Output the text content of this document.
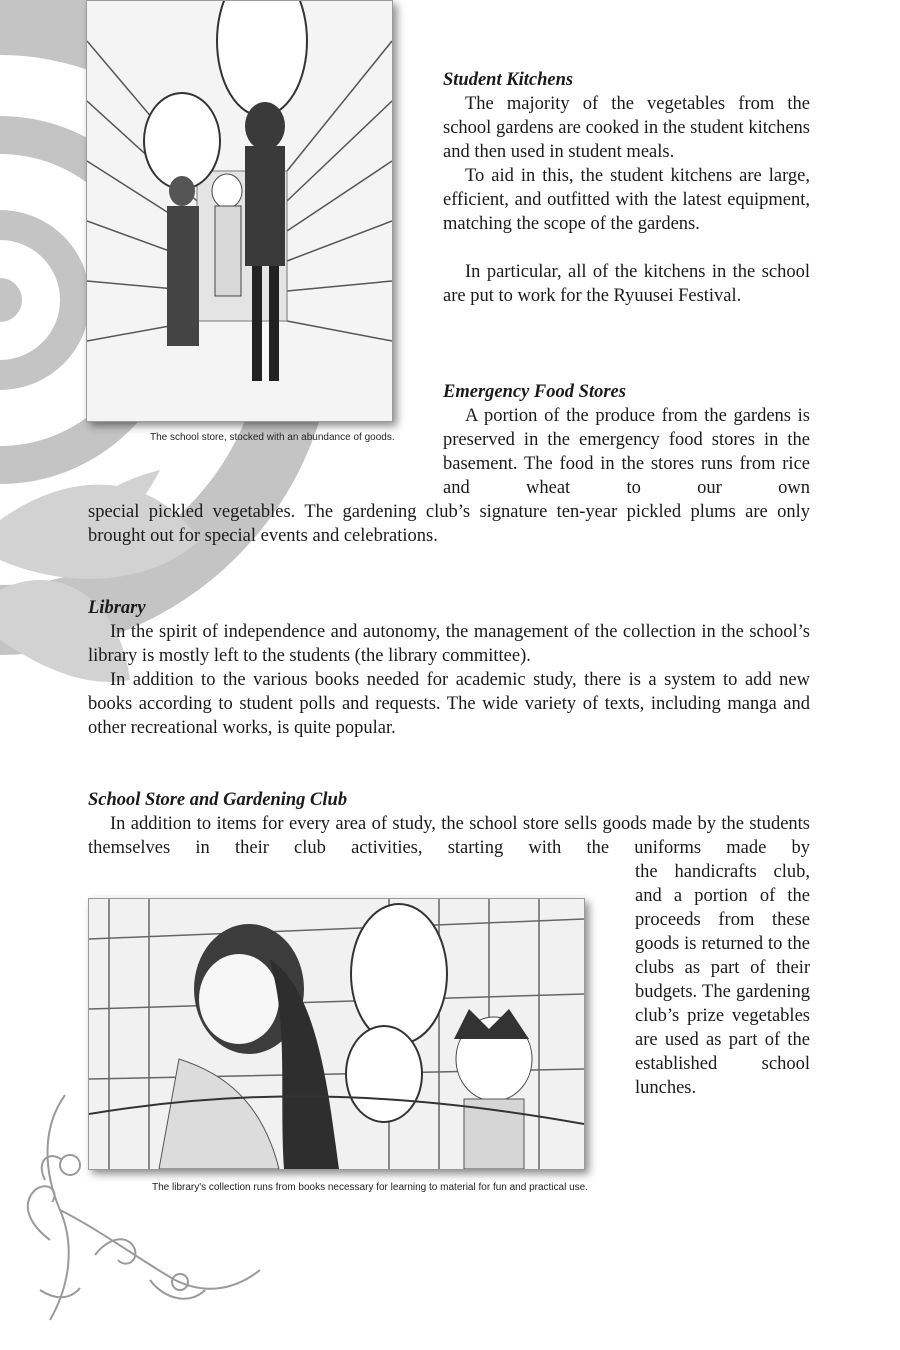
The school store, stocked with an abundance of goods.
Student Kitchens

The majority of the vegetables from the school gardens are cooked in the student kitchens and then used in student meals.

To aid in this, the student kitchens are large, efficient, and outfitted with the latest equipment, matching the scope of the gardens.

In particular, all of the kitchens in the school are put to work for the Ryuusei Festival.

Emergency Food Stores

A portion of the produce from the gardens is preserved in the emergency food stores in the basement. The food in the stores runs from rice and wheat to our own

special pickled vegetables. The gardening club’s signature ten-year pickled plums are only brought out for special events and celebrations.

Library

In the spirit of independence and autonomy, the management of the collection in the school’s library is mostly left to the students (the library committee).

In addition to the various books needed for academic study, there is a system to add new books according to student polls and requests. The wide variety of texts, including manga and other recreational works, is quite popular.

School Store and Gardening Club

In addition to items for every area of study, the school store sells goods made by the students themselves in their club activities, starting with the uniforms made by

the handicrafts club, and a portion of the proceeds from these goods is returned to the clubs as part of their budgets. The gardening club’s prize vegetables are used as part of the established school lunches.

The library's collection runs from books necessary for learning to material for fun and practical use.
